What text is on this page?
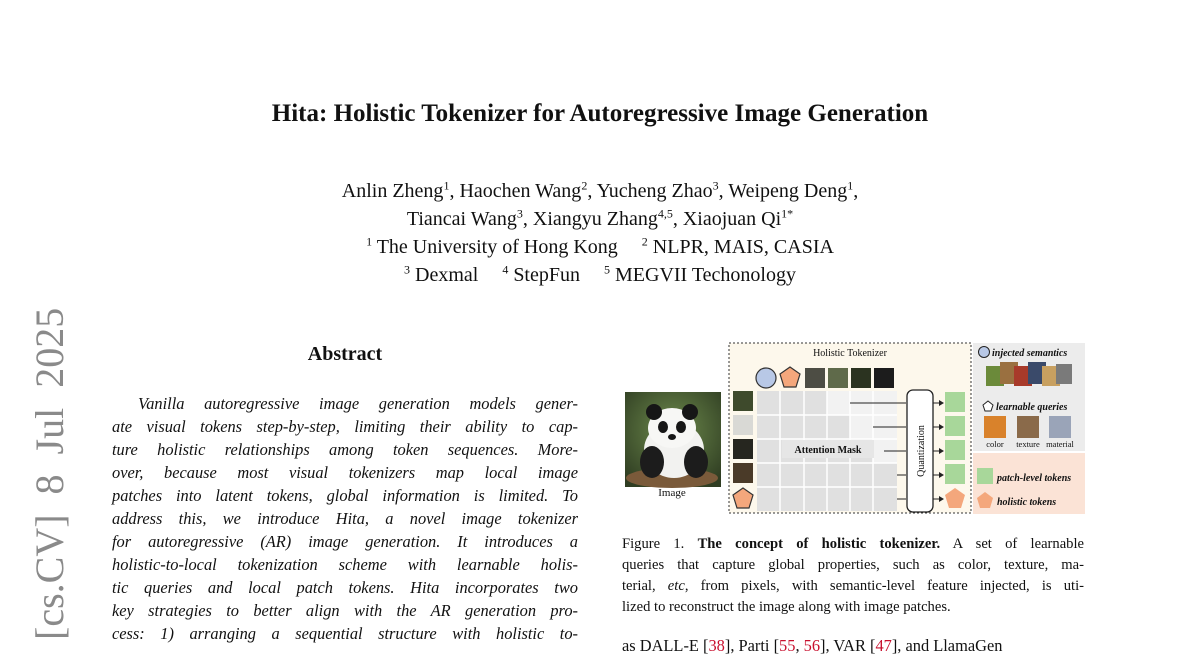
[cs.CV] 8 Jul 2025
Hita: Holistic Tokenizer for Autoregressive Image Generation
Anlin Zheng$^1$, Haochen Wang$^2$, Yucheng Zhao$^3$, Weipeng Deng$^1$,
Tiancai Wang$^3$, Xiangyu Zhang$^{4,5}$, Xiaojuan $Qi^{1*}$
$^1$ The University of Hong Kong $^2$ NLPR, MAIS, CASIA
$^3$ Dexmal $^4$ StepFun $^5$ MEGVII Techonology
Abstract
Vanilla autoregressive image generation models gener-
ate visual tokens step-by-step, limiting their ability to cap-
ture holistic relationships among token sequences. More-
over, because most visual tokenizers map local image
patches into latent tokens, global information is limited. To
address this, we introduce Hita, a novel image tokenizer
for autoregressive (AR) image generation. It introduces a
holistic-to-local tokenization scheme with learnable holis-
tic queries and local patch tokens. Hita incorporates two
key strategies to better align with the AR generation pro-
cess: 1) arranging a sequential structure with holistic to-
Image
Holistic Tokenizer
Attention Mask	Quantization
injected semantics
learnable queries
color texture material
patch-level tokens
holistic tokens
Figure 1. The concept of holistic tokenizer. A set of learnable
queries that capture global properties, such as color, texture, ma-
terial, etc, from pixels, with semantic-level feature injected, is uti-
lized to reconstruct the image along with image patches.
as DALL-E [38], Parti [55, 56], VAR [47], and LlamaGen
